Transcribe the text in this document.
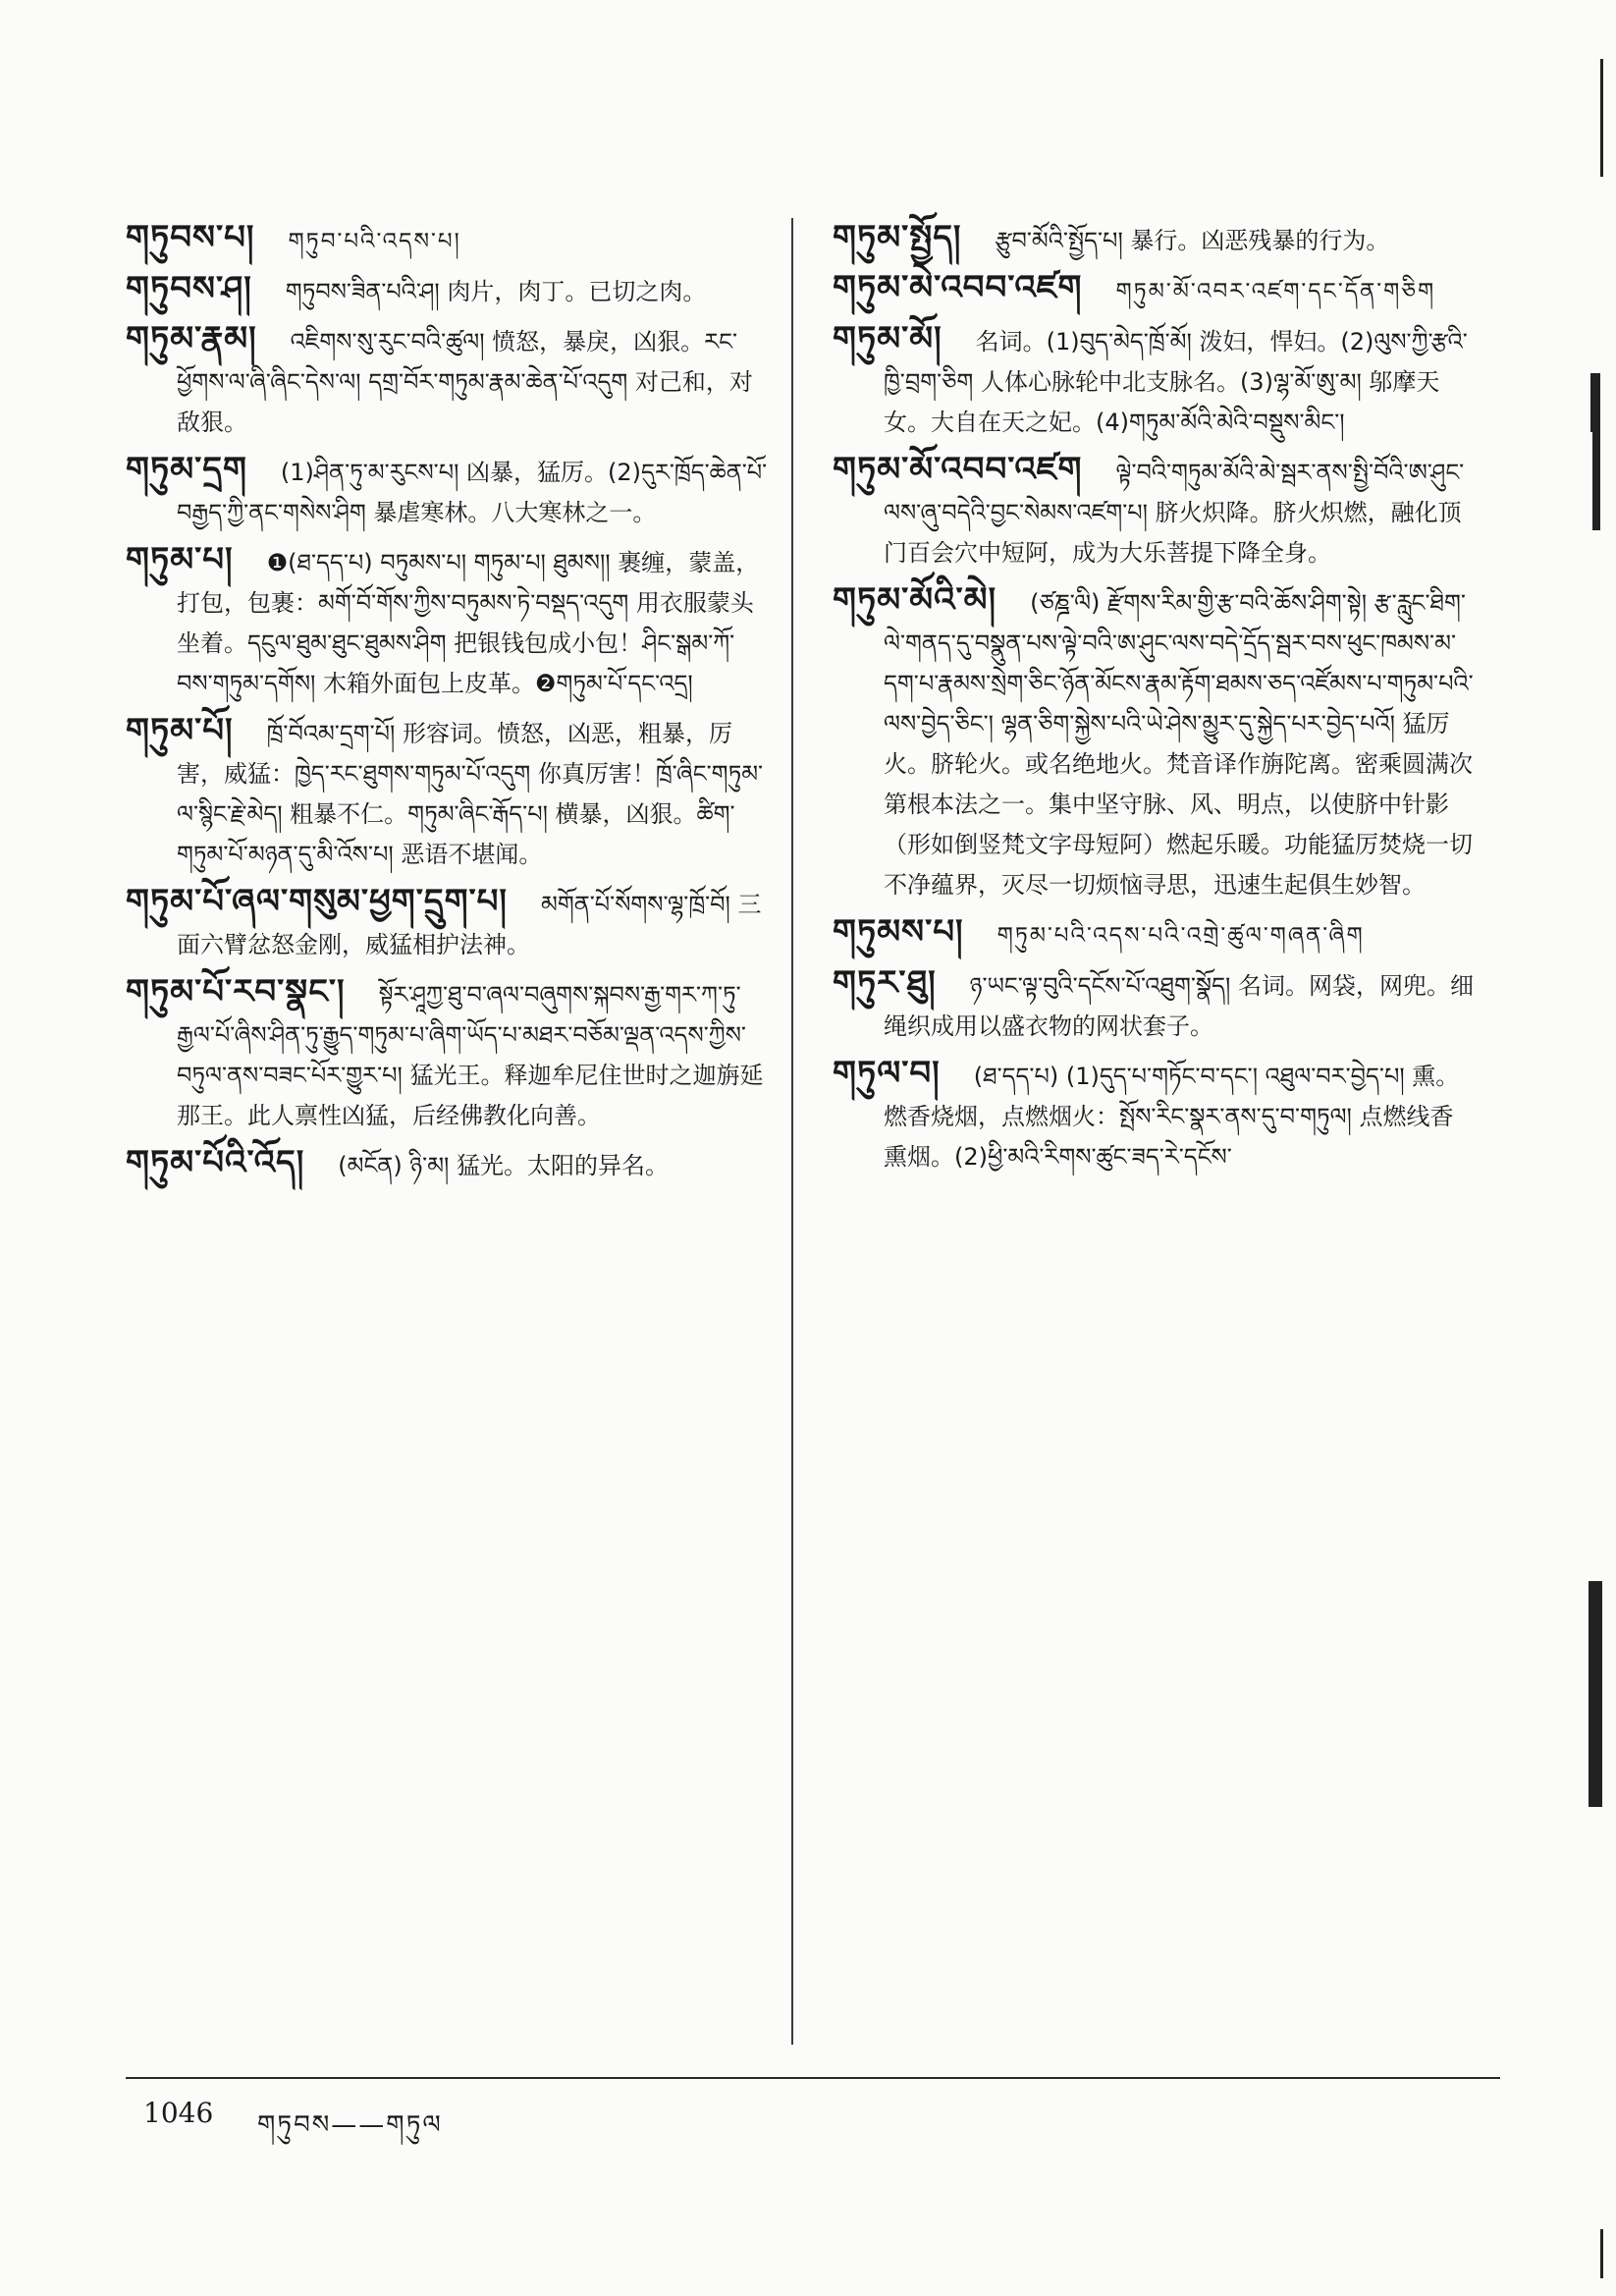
གཏུབས་པ། གཏུབ་པའི་འདས་པ།
གཏུབས་ཤ། གཏུབས་ཟིན་པའི་ཤ། 肉片，肉丁。已切之肉。
གཏུམ་རྣམ། འཇིགས་སུ་རུང་བའི་ཚུལ། 愤怒，暴戾，凶狠。རང་ཕྱོགས་ལ་ཞི་ཞིང་དེས་ལ། དགྲ་བོར་གཏུམ་རྣམ་ཆེན་པོ་འདུག 对己和，对敌狠。
གཏུམ་དྲག (1)ཤིན་ཏུ་མ་རུངས་པ། 凶暴，猛厉。(2)དུར་ཁྲོད་ཆེན་པོ་བརྒྱད་ཀྱི་ནང་གསེས་ཤིག 暴虐寒林。八大寒林之一。
གཏུམ་པ། ❶(ཐ་དད་པ) བཏུམས་པ། གཏུམ་པ། ཐུམས།། 裹缠，蒙盖，打包，包裹：མགོ་བོ་གོས་ཀྱིས་བཏུམས་ཏེ་བསྡད་འདུག 用衣服蒙头坐着。དངུལ་ཐུམ་ཐུང་ཐུམས་ཤིག 把银钱包成小包！ཤིང་སྒམ་ཀོ་བས་གཏུམ་དགོས། 木箱外面包上皮革。❷གཏུམ་པོ་དང་འདྲ།
གཏུམ་པོ། ཁྲོ་བོའམ་དྲག་པོ། 形容词。愤怒，凶恶，粗暴，厉害，威猛：ཁྱེད་རང་ཐུགས་གཏུམ་པོ་འདུག 你真厉害！ཁྲོ་ཞིང་གཏུམ་ལ་སྙིང་རྗེ་མེད། 粗暴不仁。གཏུམ་ཞིང་རྒོད་པ། 横暴，凶狠。ཚིག་གཏུམ་པོ་མཉན་དུ་མི་འོས་པ། 恶语不堪闻。
གཏུམ་པོ་ཞལ་གསུམ་ཕྱག་དྲུག་པ། མགོན་པོ་སོགས་ལྷ་ཁྲོ་བོ། 三面六臂忿怒金刚，威猛相护法神。
གཏུམ་པོ་རབ་སྣང་། སྟོར་ཤཱཀྱ་ཐུ་བ་ཞལ་བཞུགས་སྐབས་རྒྱ་གར་ཀ་ཏུ་རྒྱལ་པོ་ཞིས་ཤིན་ཏུ་རྒྱུད་གཏུམ་པ་ཞིག་ཡོད་པ་མཐར་བཅོམ་ལྡན་འདས་ཀྱིས་བཏུལ་ནས་བཟང་པོར་གྱུར་པ། 猛光王。释迦牟尼住世时之迦旃延那王。此人禀性凶猛，后经佛教化向善。
གཏུམ་པོའི་འོད། (མངོན) ཉི་མ། 猛光。太阳的异名。
གཏུམ་སྤྱོད། རྩུབ་མོའི་སྤྱོད་པ། 暴行。凶恶残暴的行为。
གཏུམ་མེ་འབབ་འཛག གཏུམ་མོ་འབར་འཛག་དང་དོན་གཅིག
གཏུམ་མོ། 名词。(1)བུད་མེད་ཁྲོ་མོ། 泼妇，悍妇。(2)ལུས་ཀྱི་རྩའི་ཁྱི་བྲག་ཅིག 人体心脉轮中北支脉名。(3)ལྷ་མོ་ཨུ་མ། 邬摩天女。大自在天之妃。(4)གཏུམ་མོའི་མེའི་བསྡུས་མིང་།
གཏུམ་མོ་འབབ་འཛག ལྟེ་བའི་གཏུམ་མོའི་མེ་སྦར་ནས་སྤྱི་བོའི་ཨ་ཤུང་ལས་ཞུ་བདེའི་བྱང་སེམས་འཛག་པ། 脐火炽降。脐火炽燃，融化顶门百会穴中短阿，成为大乐菩提下降全身。
གཏུམ་མོའི་མེ། (ཙཎྜ་ལི) རྫོགས་རིམ་གྱི་རྩ་བའི་ཆོས་ཤིག་སྟེ། རྩ་རླུང་ཐིག་ལེ་གནད་དུ་བསྣུན་པས་ལྟེ་བའི་ཨ་ཤུང་ལས་བདེ་དྲོད་སྦར་བས་ཕུང་ཁམས་མ་དག་པ་རྣམས་སྲེག་ཅིང་ཉོན་མོངས་རྣམ་རྟོག་ཐམས་ཅད་འཛོམས་པ་གཏུམ་པའི་ལས་བྱེད་ཅིང་། ལྷན་ཅིག་སྐྱེས་པའི་ཡེ་ཤེས་མྱུར་དུ་སྐྱེད་པར་བྱེད་པའོ། 猛厉火。脐轮火。或名绝地火。梵音译作旃陀离。密乘圆满次第根本法之一。集中坚守脉、风、明点，以使脐中针影（形如倒竖梵文字母短阿）燃起乐暖。功能猛厉焚烧一切不净蕴界，灭尽一切烦恼寻思，迅速生起俱生妙智。
གཏུམས་པ། གཏུམ་པའི་འདས་པའི་འགྲེ་ཚུལ་གཞན་ཞིག
གཏུར་ཐུ། ཉ་ཡང་ལྟ་བུའི་དངོས་པོ་འཐུག་སྣོད། 名词。网袋，网兜。细绳织成用以盛衣物的网状套子。
གཏུལ་བ། (ཐ་དད་པ) (1)དུད་པ་གཏོང་བ་དང་། འཐུལ་བར་བྱེད་པ། 熏。燃香烧烟，点燃烟火：སྤོས་རིང་སྣར་ནས་དུ་བ་གཏུལ། 点燃线香熏烟。(2)ཕྱི་མའི་རིགས་ཚུང་ཟད་རེ་དངོས་
1046 གཏུབས——གཏུལ
